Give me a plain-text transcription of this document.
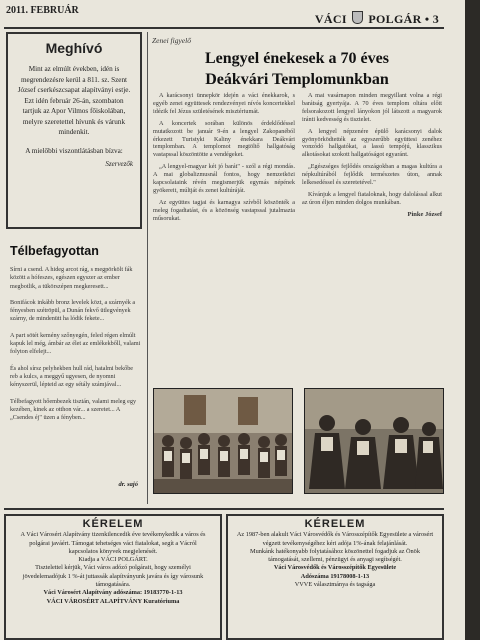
2011. FEBRUÁR
VÁCI POLGÁR • 3
Meghívó

Mint az elmúlt években, idén is megrendezésre kerül a 811. sz. Szent József cserkészcsapat alapítványi estje. Ezt idén február 26-án, szombaton tartjuk az Apor Vilmos főiskolában, melyre szeretettel hívunk és várunk mindenkit.

A mielőbbi viszontlátásban bízva:

Szervezők

Télbefagyottan

Sírni a csend. A hideg arcot rág, s megpörkölt fák között a hófeszes, egészen egyszer az ember megbotlik, a tükörszépen megkeresett...

Bonifácok inkább bronz levelek közt, a szárnyék a fényesben szétröpül, a Dunán fekvő ütlegvények szárny, de mindenütt ha lódik fekete...

A part sötét kemény szőnyegén, feled régen elmúlt kapuk lel még, ámbár az élet az emlékekbőll, valami folyton elfelejt...

És ahol sírsz pelyhekben hull rád, hatalmi bekőbe reb a kulcs, a meggyű ugyesen, de nyomni kényszerül, lépteid az egy sétály számjával...

Télbefagyott hőembezek tisztán, valami meleg egy kezében, kinek az otthon vár... a szeretet... A „Csendes éj" üzen a fényben...

dr. sajó
Zenei figyelő
Lengyel énekesek a 70 éves
Deákvári Templomunkban

A karácsonyi ünnepkör idején a váci énekkarok, s egyéb zenei együttesek rendezvényei nívós koncertekkel idézik fel Jézus születésének misztériumát.

A koncertek sorában különös érdeklődéssel mutatkozott be január 9-én a lengyel Zakopanéból érkezett Turistyki Kaliny énekkara Deákvári templomban. A templomot megtöltő hallgatóság vastapssal köszöntötte a vendégeket.

„A lengyel-magyar két jó barát" - szól a régi mondás. A mai globalizmusnál fontos, hogy nemzetközi kapcsolataink révén megismerjük egymás népének gyökereit, múltját és zenei kultúráját.

Az együttes tagjai és karnagya szívből köszönték a meleg fogadtatást, és a közönség vastapssal jutalmazta műsorukat.

A mai vasárnapon minden megyillant volna a régi barátság gyertyája. A 70 éves templom oltára előtt felsorakozott lengyel lányokon jól látszott a magyarok iránti kedvesség és tisztelet.

A lengyel népzenére épülő karácsonyi dalok gyönyörködtették az egyszerűbb együttesi zenéhez vonzódó hallgatókat, a lassú tempójú, klasszikus alkotásokat szokott hallgatóságot egyaránt.

„Egészséges fejlődés országokban a magas kultúra a népkultúrából fejlődik természetes úton, annak lelkesedéssel és szeretetével."

Kívánjuk a lengyel fiataloknak, hogy dalolással alkut az úron éljen minden dolgos munkában.

Pinke József
KÉRELEM

A Váci Városért Alapítvány tizenkilencedik éve tevékenykedik a város és polgárai javáért. Támogat tehetséges váci fiatalokat, segít a Vácról kapcsolatos könyvek megjelenését.

Kiadja a VÁCI POLGÁRT.

Tisztelettel kérjük, Váci város adózó polgárait, hogy személyi jövedelemadójuk 1 %-át juttassák alapítványunk javára és így városunk támogatására.

Váci Városért Alapítvány adószáma: 19183770-1-13

VÁCI VÁROSÉRT ALAPÍTVÁNY Kuratóriuma

KÉRELEM

Az 1987-ben alakult Váci Városvédők és Városszépítők Egyesülete a városért végzett tevékenységéhez kéri adója 1%-ának felajánlását.

Munkánk hatékonyabb folytatásához köszönettel fogadjuk az Önök támogatását, szellemi, pénzügyi és anyagi segítségét.

Váci Városvédők és Városszépítők Egyesülete

Adószáma 19178008-1-13

VVVE választmánya és tagsága
